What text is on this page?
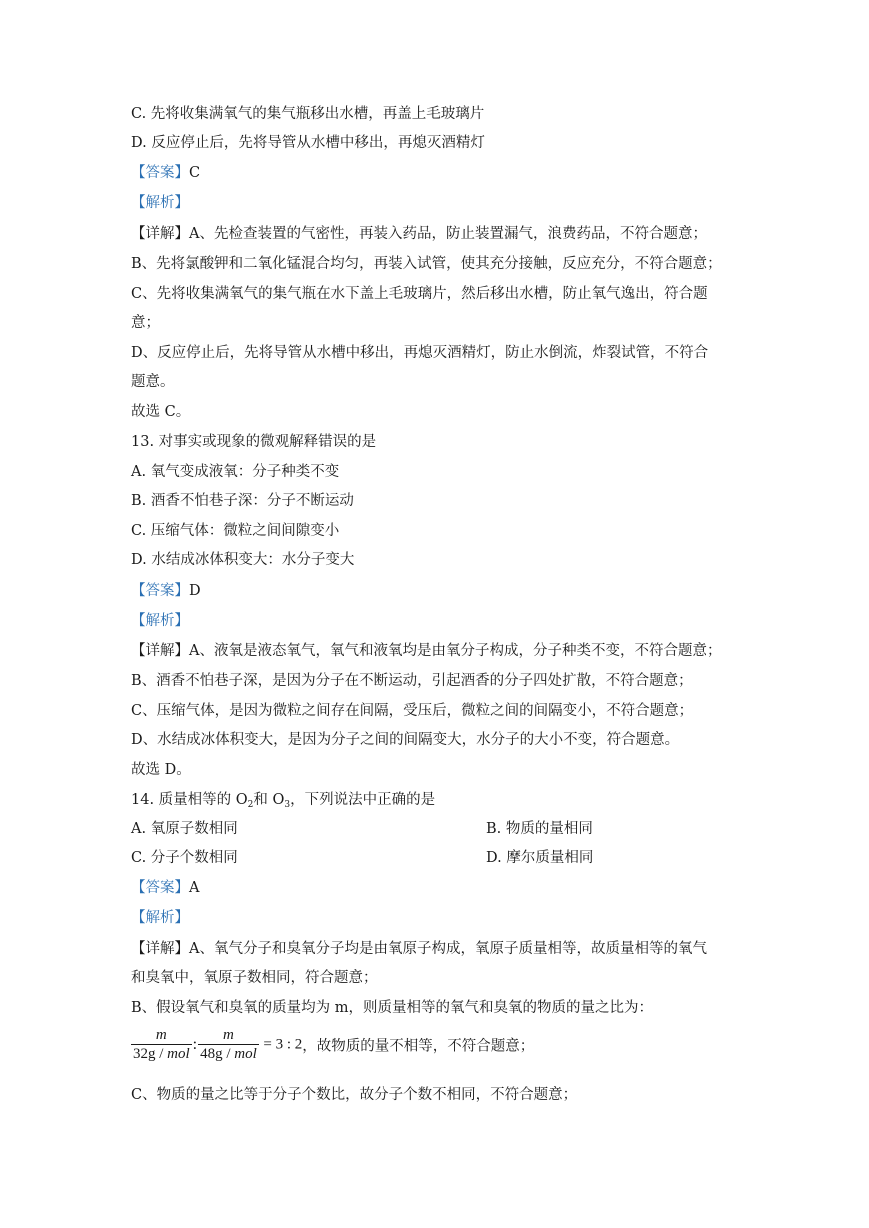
C. 先将收集满氧气的集气瓶移出水槽，再盖上毛玻璃片
D. 反应停止后，先将导管从水槽中移出，再熄灭酒精灯
【答案】C
【解析】
【详解】A、先检查装置的气密性，再装入药品，防止装置漏气，浪费药品，不符合题意；
B、先将氯酸钾和二氧化锰混合均匀，再装入试管，使其充分接触，反应充分，不符合题意；
C、先将收集满氧气的集气瓶在水下盖上毛玻璃片，然后移出水槽，防止氧气逸出，符合题
意；
D、反应停止后，先将导管从水槽中移出，再熄灭酒精灯，防止水倒流，炸裂试管，不符合
题意。
故选 C。
13. 对事实或现象的微观解释错误的是
A. 氧气变成液氧：分子种类不变
B. 酒香不怕巷子深：分子不断运动
C. 压缩气体：微粒之间间隙变小
D. 水结成冰体积变大：水分子变大
【答案】D
【解析】
【详解】A、液氧是液态氧气，氧气和液氧均是由氧分子构成，分子种类不变，不符合题意；
B、酒香不怕巷子深，是因为分子在不断运动，引起酒香的分子四处扩散，不符合题意；
C、压缩气体，是因为微粒之间存在间隔，受压后，微粒之间的间隔变小，不符合题意；
D、水结成冰体积变大，是因为分子之间的间隔变大，水分子的大小不变，符合题意。
故选 D。
14. 质量相等的 $O_2$和 $O_3$，下列说法中正确的是
A. 氧原子数相同	B. 物质的量相同
C. 分子个数相同	D. 摩尔质量相同
【答案】A
【解析】
【详解】A、氧气分子和臭氧分子均是由氧原子构成，氧原子质量相等，故质量相等的氧气
和臭氧中，氧原子数相同，符合题意；
B、假设氧气和臭氧的质量均为 m，则质量相等的氧气和臭氧的物质的量之比为：
$\frac{m}{\text{32g / mol}}$ : $\frac{m}{\text{48g / mol}} = 3$ : 2，故物质的量不相等，不符合题意；
C、物质的量之比等于分子个数比，故分子个数不相同，不符合题意；
